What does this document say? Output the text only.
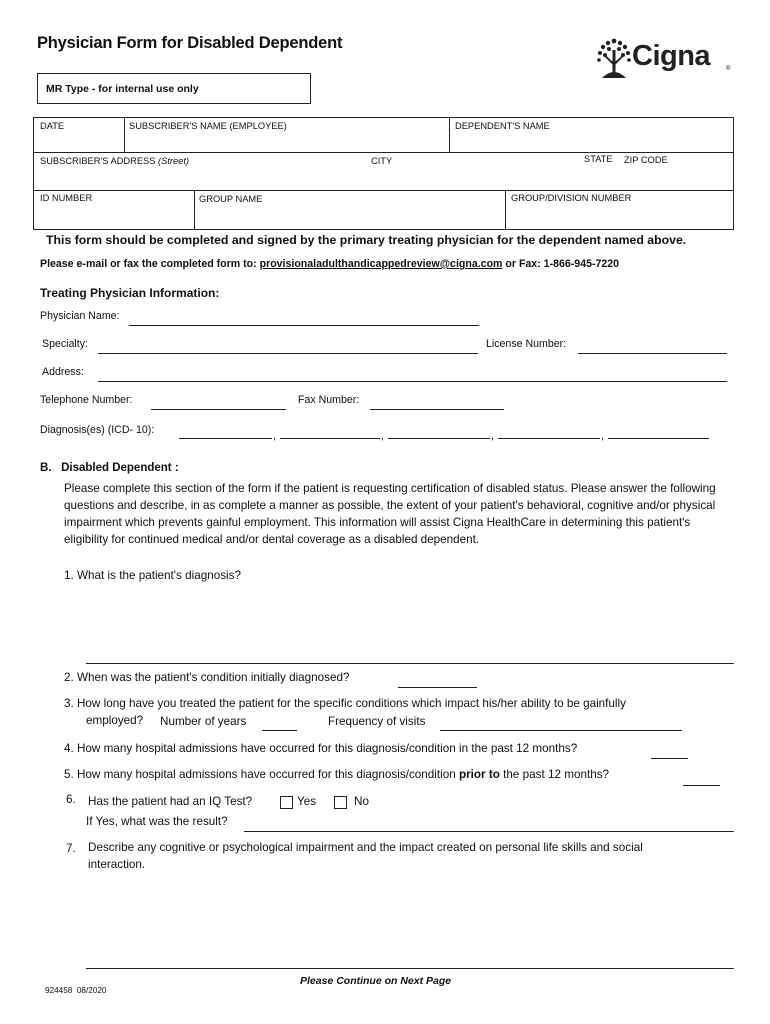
Physician Form for Disabled Dependent	Cigna	®
MR Type - for internal use only
DATE	SUBSCRIBER'S NAME (EMPLOYEE)	DEPENDENT'S NAME
SUBSCRIBER'S ADDRESS (Street)	CITY	STATE ZIP CODE
ID NUMBER	GROUP NAME	GROUP/DIVISION NUMBER
This form should be completed and signed by the primary treating physician for the dependent named above.
Please e-mail or fax the completed form to: provisionaladulthandicappedreview@cigna.com or Fax: 1-866-945-7220
Treating Physician Information:
Physician Name:
Specialty:	License Number:
Address:
Telephone Number:	Fax Number:
Diagnosis(es) (ICD- 10):	,	,	,	,
B.   Disabled Dependent :
Please complete this section of the form if the patient is requesting certification of disabled status. Please answer the following questions and describe, in as complete a manner as possible, the extent of your patient's behavioral, cognitive and/or physical impairment which prevents gainful employment. This information will assist Cigna HealthCare in determining this patient's eligibility for continued medical and/or dental coverage as a disabled dependent.
1. What is the patient's diagnosis?
2. When was the patient's condition initially diagnosed?
3. How long have you treated the patient for the specific conditions which impact his/her ability to be gainfully
employed? Number of years	Frequency of visits
4. How many hospital admissions have occurred for this diagnosis/condition in the past 12 months?
5. How many hospital admissions have occurred for this diagnosis/condition prior to the past 12 months?
6. Has the patient had an IQ Test?	Yes	No
If Yes, what was the result?
7. Describe any cognitive or psychological impairment and the impact created on personal life skills and social
interaction.
Please Continue on Next Page
924458  08/2020
